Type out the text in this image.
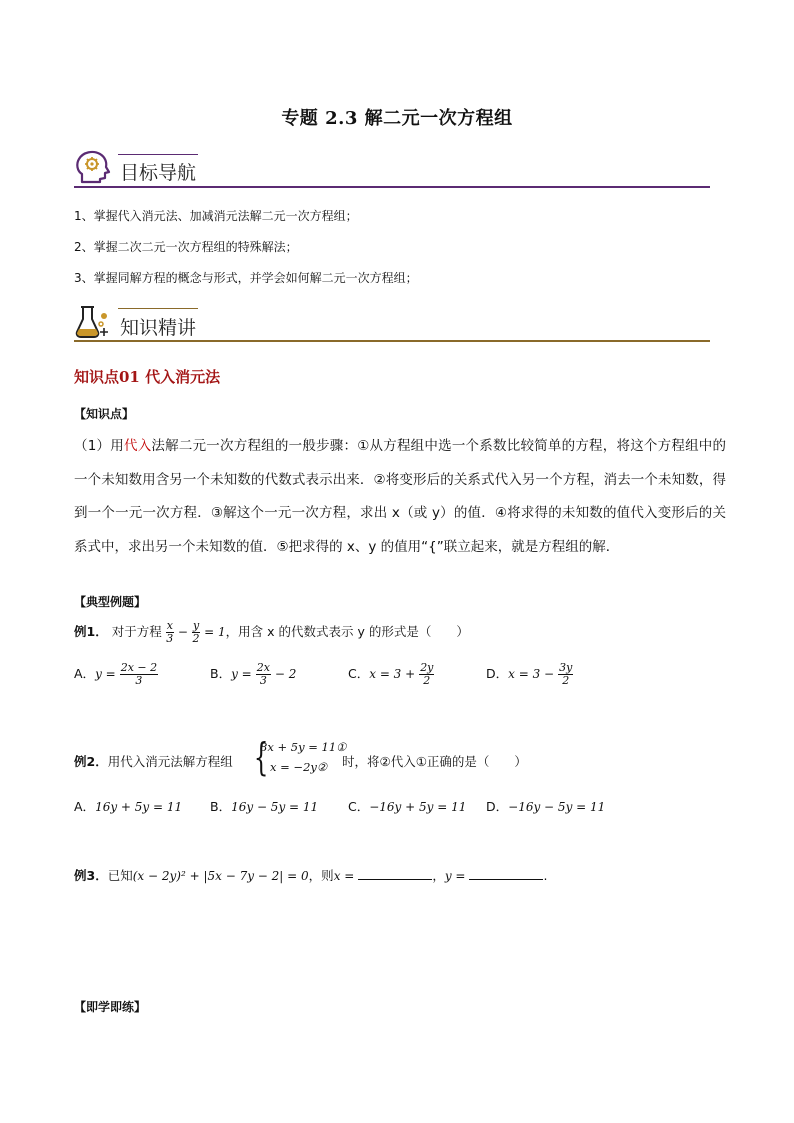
专题 2.3 解二元一次方程组
目标导航
1、掌握代入消元法、加减消元法解二元一次方程组；
2、掌握二次二元一次方程组的特殊解法；
3、掌握同解方程的概念与形式，并学会如何解二元一次方程组；
知识精讲
知识点01 代入消元法
【知识点】
（1）用代入法解二元一次方程组的一般步骤：①从方程组中选一个系数比较简单的方程，将这个方程组中的一个未知数用含另一个未知数的代数式表示出来．②将变形后的关系式代入另一个方程，消去一个未知数，得到一个一元一次方程．③解这个一元一次方程，求出 x（或 y）的值．④将求得的未知数的值代入变形后的关系式中，求出另一个未知数的值．⑤把求得的 x、y 的值用“{”联立起来，就是方程组的解．
【典型例题】
例1． 对于方程 $\frac{x}{3} - \frac{y}{2} = 1$，用含 x 的代数式表示 y 的形式是（　　）
A．$y = \frac{2x - 2}{3}$	B．$y = \frac{2x}{3} - 2$	C．$x = 3 + \frac{2y}{2}$	D．$x = 3 - \frac{3y}{2}$
例2．用代入消元法解方程组 {
8x + 5y = 11①
x = −2y② 时，将②代入①正确的是（　　）
A．16y + 5y = 11 B．16y − 5y = 11 C．−16y + 5y = 11 D．−16y − 5y = 11
例3．已知(x − 2y)² + |5x − 7y − 2| = 0，则x =	，y =	.
【即学即练】
